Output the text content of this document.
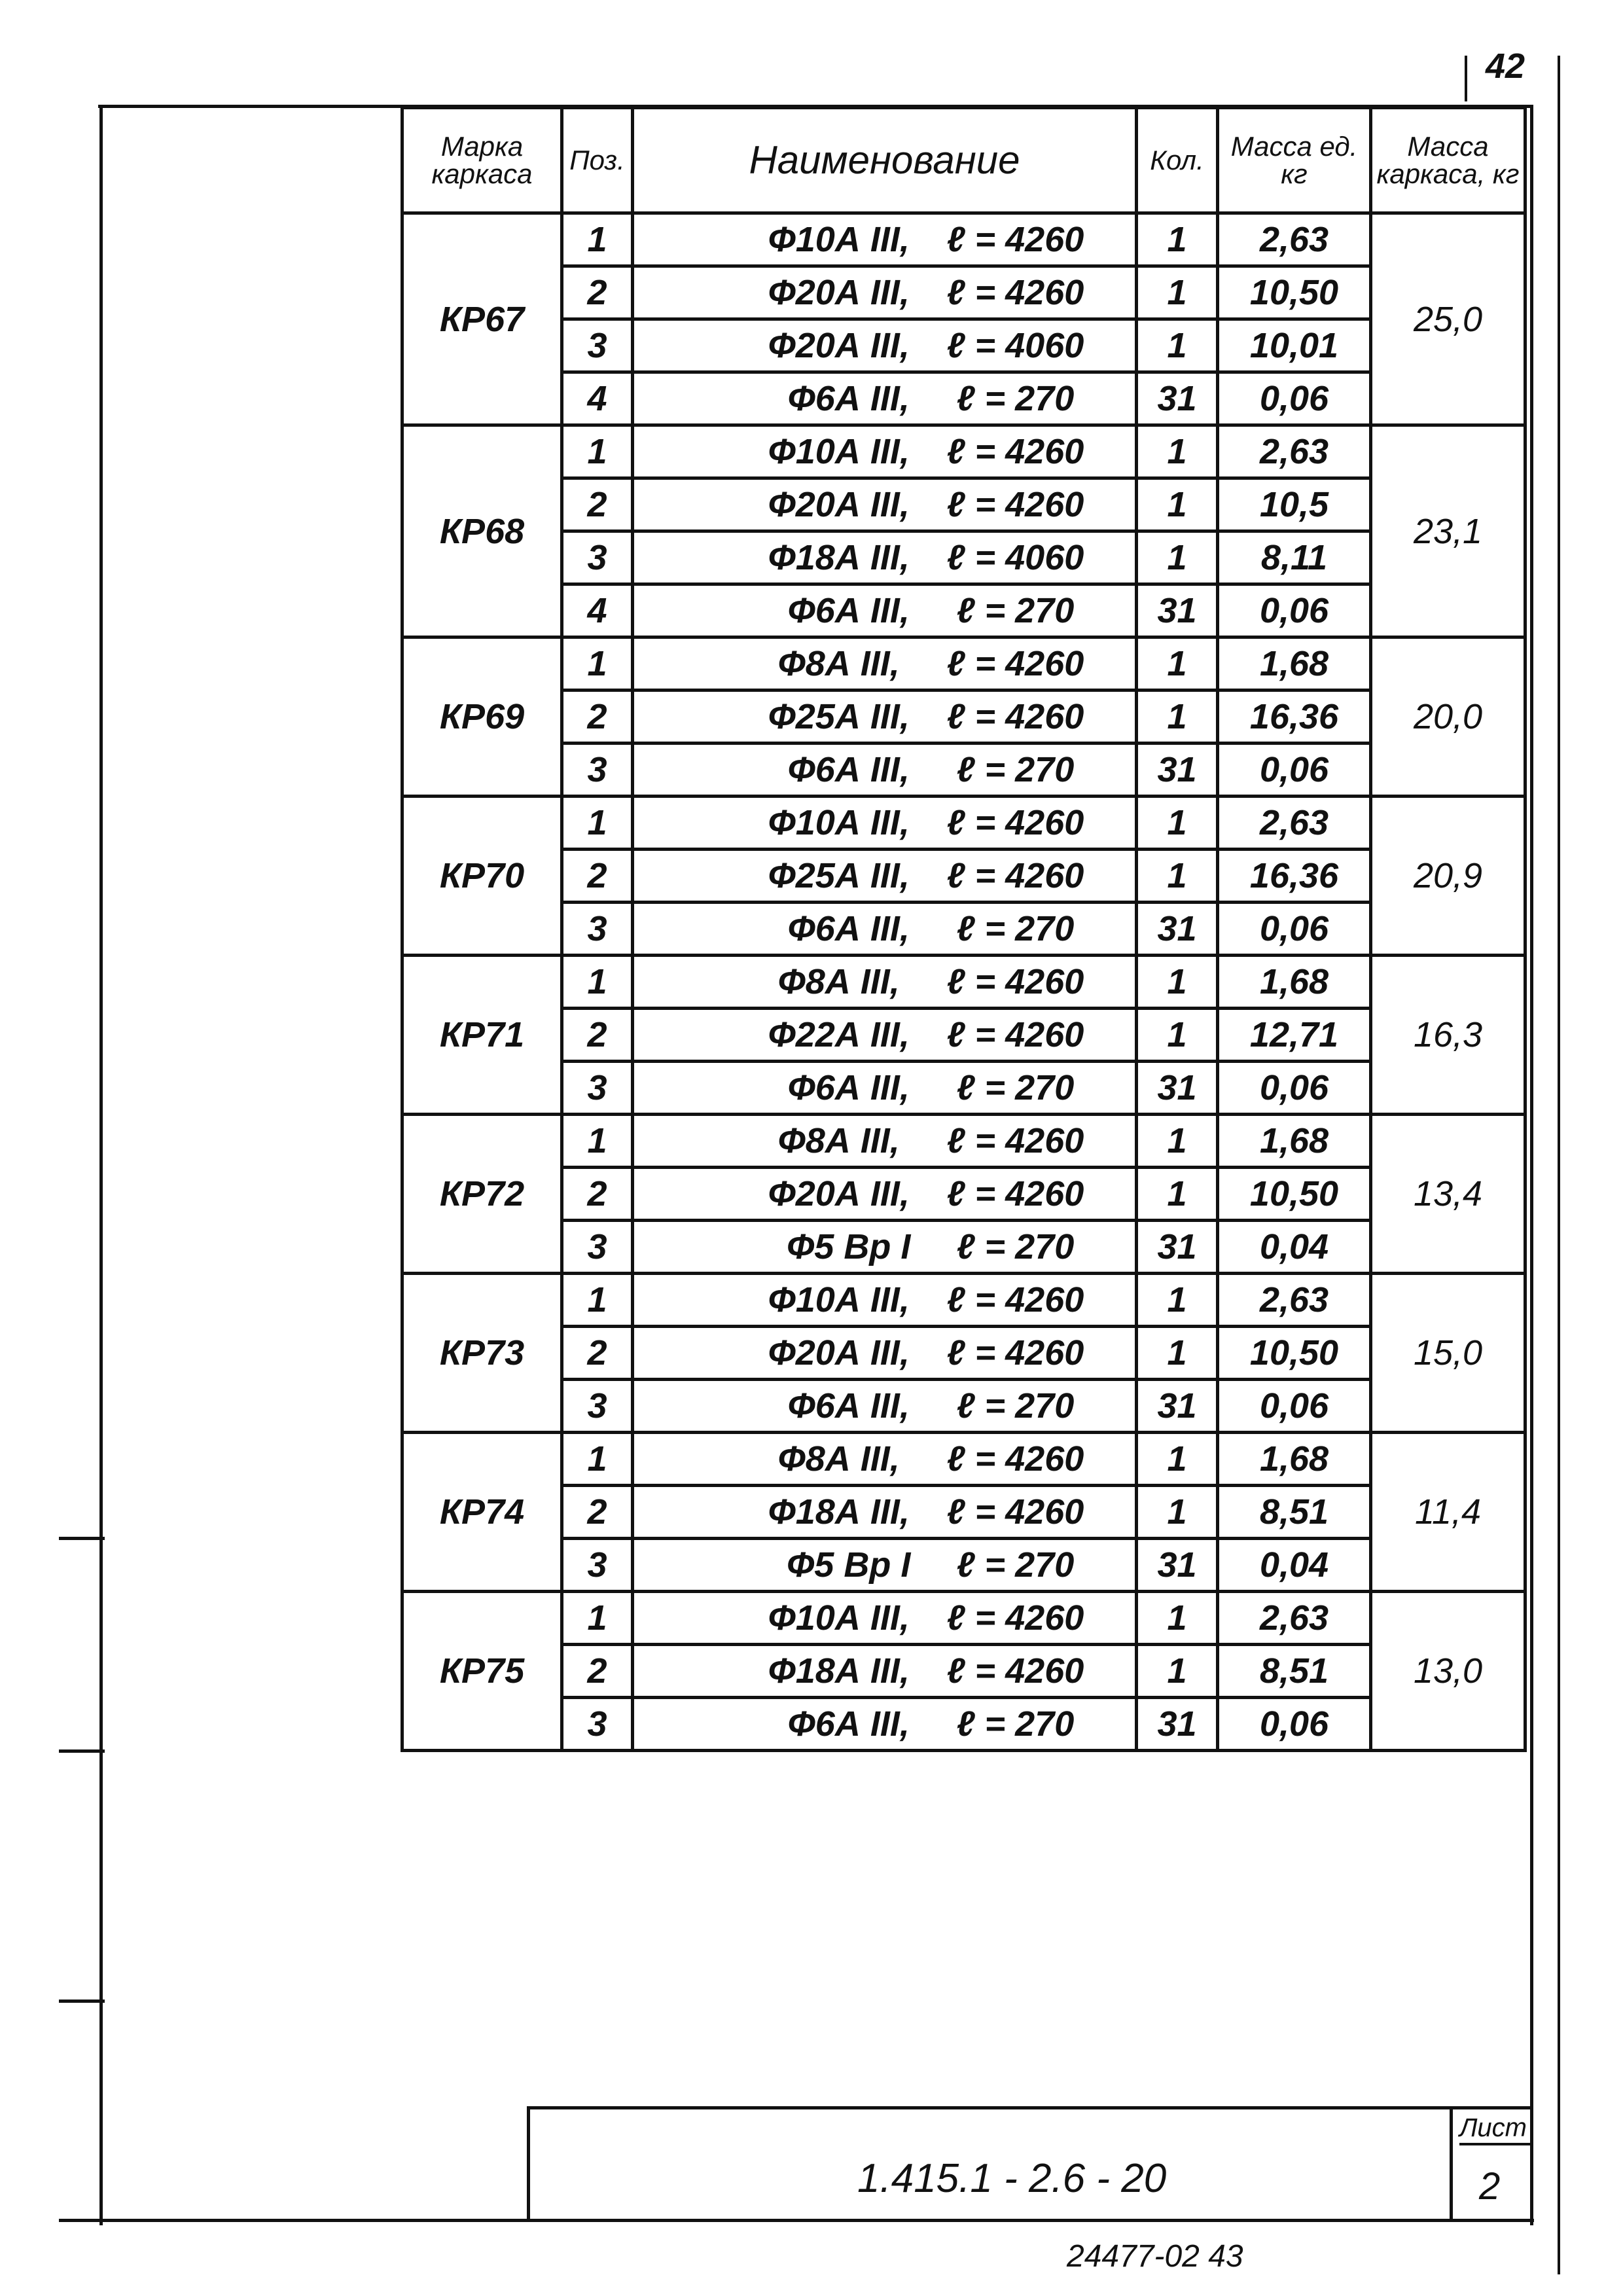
42
Марка каркаса	Поз.	Наименование	Кол.	Масса ед. кг	Масса каркаса, кг
КР67	1	Ф10А III, ℓ = 4260	1	2,63	25,0
	2	Ф20А III, ℓ = 4260	1	10,50	
	3	Ф20А III, ℓ = 4060	1	10,01	
	4	Ф6А III, ℓ = 270	31	0,06	
КР68	1	Ф10А III, ℓ = 4260	1	2,63	23,1
	2	Ф20А III, ℓ = 4260	1	10,5	
	3	Ф18А III, ℓ = 4060	1	8,11	
	4	Ф6А III, ℓ = 270	31	0,06	
КР69	1	Ф8А III, ℓ = 4260	1	1,68	20,0
	2	Ф25А III, ℓ = 4260	1	16,36	
	3	Ф6А III, ℓ = 270	31	0,06	
КР70	1	Ф10А III, ℓ = 4260	1	2,63	20,9
	2	Ф25А III, ℓ = 4260	1	16,36	
	3	Ф6А III, ℓ = 270	31	0,06	
КР71	1	Ф8А III, ℓ = 4260	1	1,68	16,3
	2	Ф22А III, ℓ = 4260	1	12,71	
	3	Ф6А III, ℓ = 270	31	0,06	
КР72	1	Ф8А III, ℓ = 4260	1	1,68	13,4
	2	Ф20А III, ℓ = 4260	1	10,50	
	3	Ф5 Вр I ℓ = 270	31	0,04	
КР73	1	Ф10А III, ℓ = 4260	1	2,63	15,0
	2	Ф20А III, ℓ = 4260	1	10,50	
	3	Ф6А III, ℓ = 270	31	0,06	
КР74	1	Ф8А III, ℓ = 4260	1	1,68	11,4
	2	Ф18А III, ℓ = 4260	1	8,51	
	3	Ф5 Вр I ℓ = 270	31	0,04	
КР75	1	Ф10А III, ℓ = 4260	1	2,63	13,0
	2	Ф18А III, ℓ = 4260	1	8,51	
	3	Ф6А III, ℓ = 270	31	0,06	
1.415.1 - 2.6 - 20
Лист
2
24477-02 43
